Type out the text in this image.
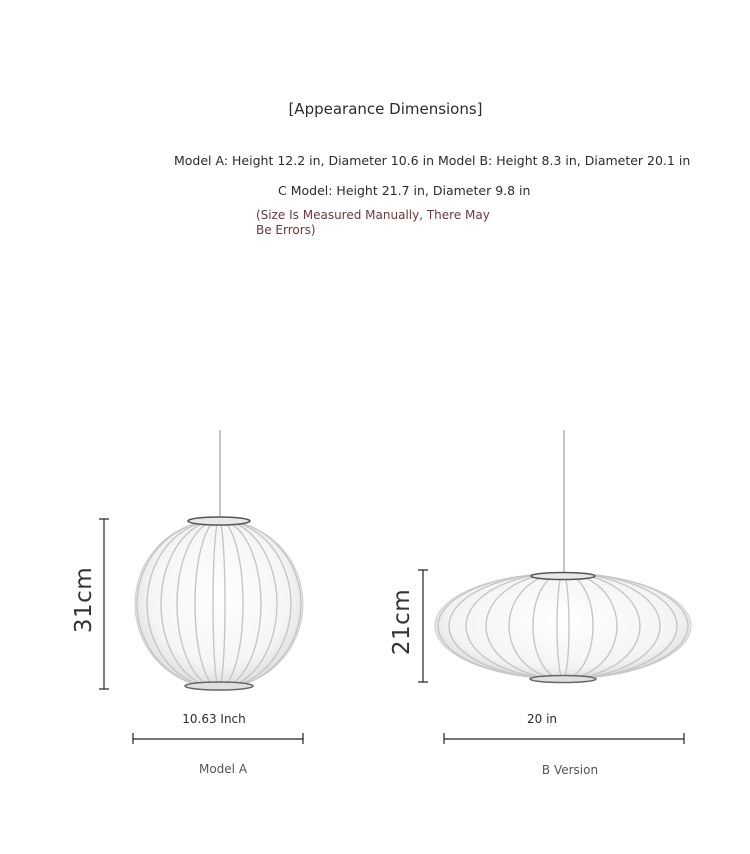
[Appearance Dimensions]
Model A: Height 12.2 in, Diameter 10.6 in Model B: Height 8.3 in, Diameter 20.1 in
C Model: Height 21.7 in, Diameter 9.8 in
(Size Is Measured Manually, There May Be Errors)
31cm	21cm
10.63 Inch	20 in
Model A	B Version
